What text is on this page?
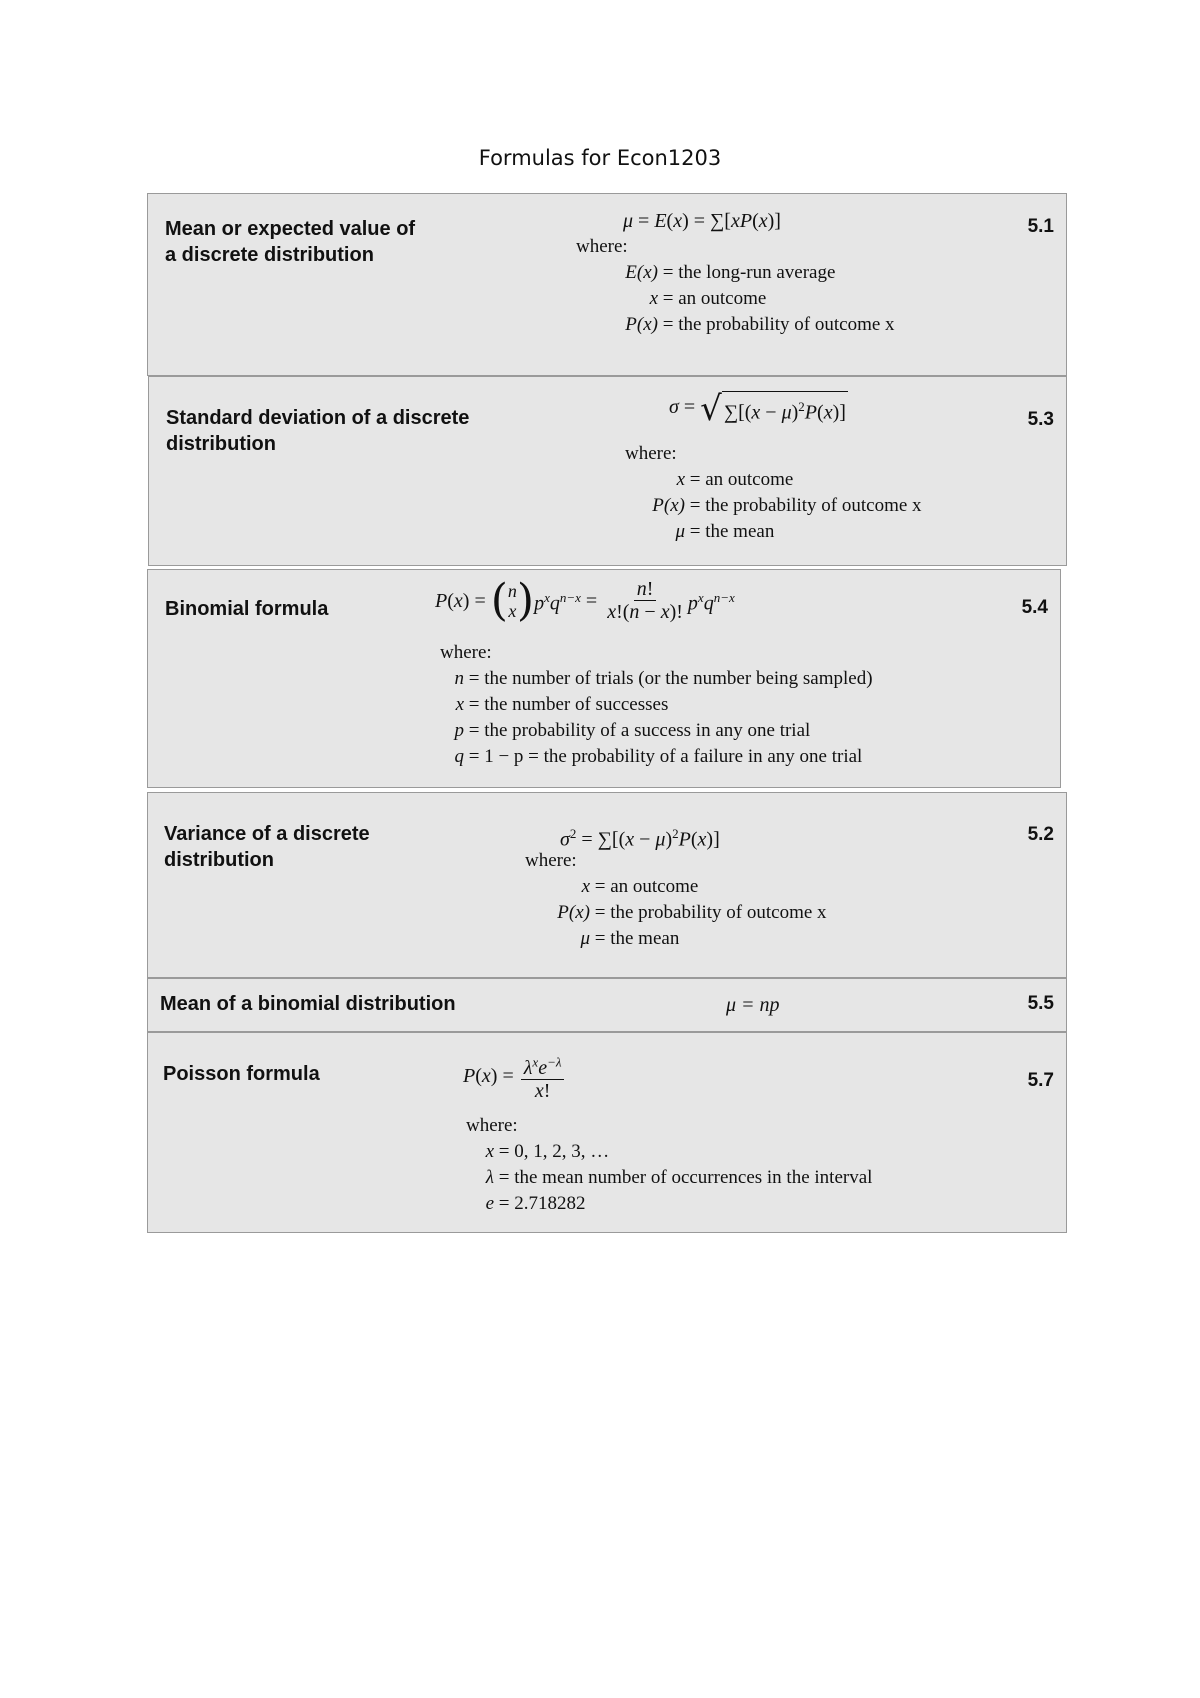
Formulas for Econ1203
Mean or expected value of
a discrete distribution
μ = E(x) = ∑[xP(x)]	5.1
where:
E(x)
= the long-run average
x
= an outcome
P(x)
= the probability of outcome x
Standard deviation of a discrete
distribution
σ = √ $\sum[(x - \mu)^2P(x)]$	5.3
where:
x
= an outcome
P(x)
= the probability of outcome x
μ
= the mean
Binomial formula	P ( x ) = ( n
x ) $p^xq^{n-x} = \frac{n!}{x!(n - x)!} p^xq^{n-x}$	5.4
where:
n
= the number of trials (or the number being sampled)
x
= the number of successes
p
= the probability of a success in any one trial
q
= 1 − p = the probability of a failure in any one trial
Variance of a discrete
distribution
$\sigma^2 = \sum[(x - \mu)^2P(x)]$	5.2
where:
x
= an outcome
P(x)
= the probability of outcome x
μ
= the mean
Mean of a binomial distribution	μ = np	5.5
Poisson formula	P ( x ) = $\frac{\lambda^xe^{-\lambda}}{x!}$	5.7
where:
x
= 0, 1, 2, 3, …
λ
= the mean number of occurrences in the interval
e
= 2.718282
